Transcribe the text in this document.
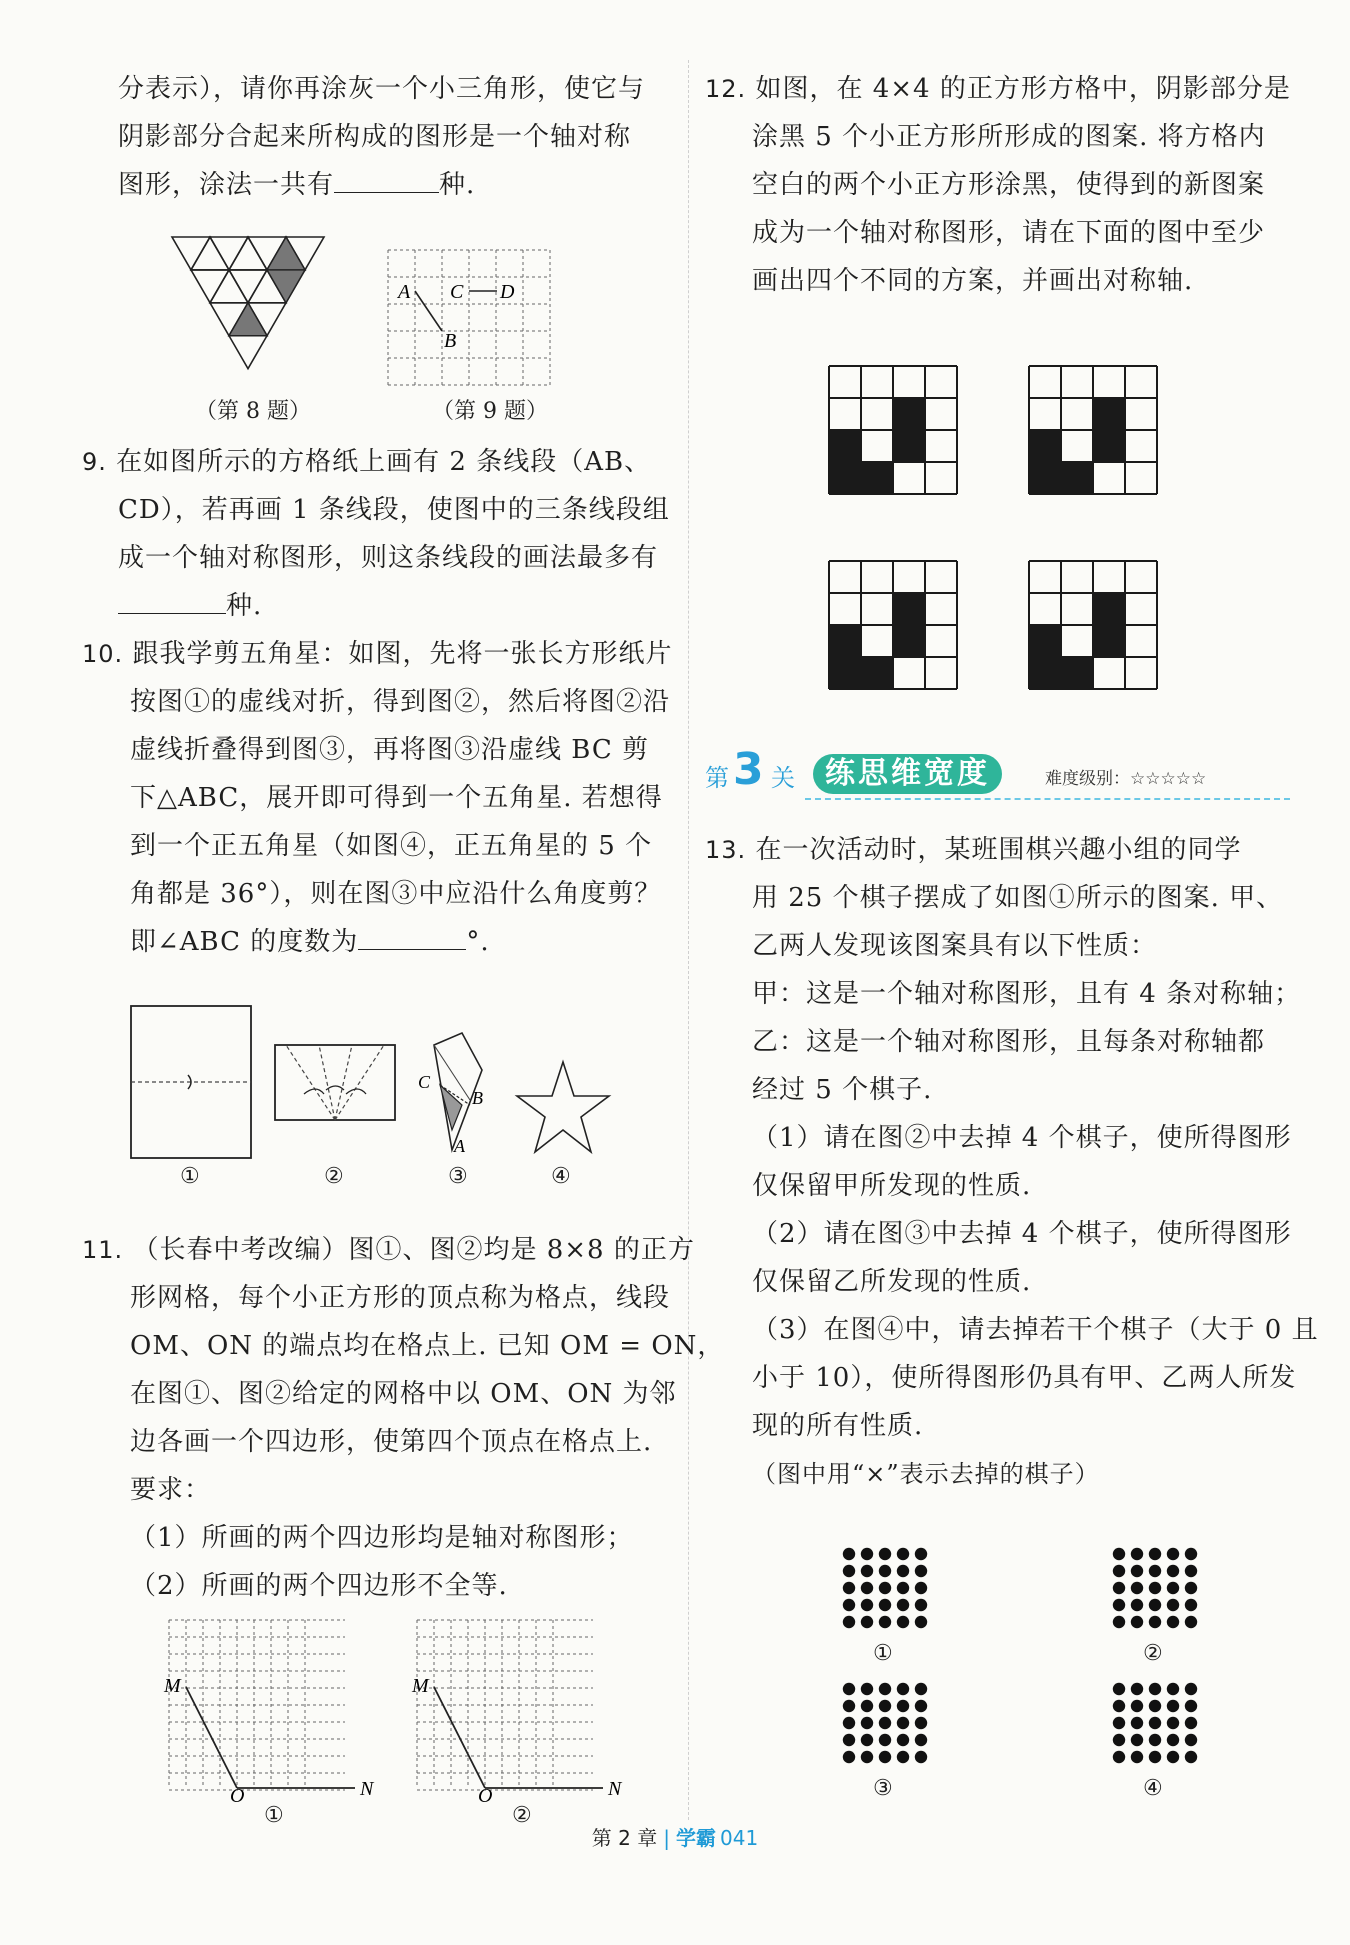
分表示），请你再涂灰一个小三角形，使它与
阴影部分合起来所构成的图形是一个轴对称
图形，涂法一共有	种.
（第 8 题）
A C D
B
（第 9 题）
9. 在如图所示的方格纸上画有 2 条线段（AB、
CD），若再画 1 条线段，使图中的三条线段组
成一个轴对称图形，则这条线段的画法最多有
种.
10. 跟我学剪五角星：如图，先将一张长方形纸片
按图①的虚线对折，得到图②，然后将图②沿
虚线折叠得到图③，再将图③沿虚线 BC 剪
下△ABC，展开即可得到一个五角星. 若想得
到一个正五角星（如图④，正五角星的 5 个
角都是 36°），则在图③中应沿什么角度剪？
即∠ABC 的度数为	°.
C
B
A
①	②	③	④
11. （长春中考改编）图①、图②均是 8×8 的正方
形网格，每个小正方形的顶点称为格点，线段
OM、ON 的端点均在格点上. 已知 OM = ON，
在图①、图②给定的网格中以 OM、ON 为邻
边各画一个四边形，使第四个顶点在格点上.
要求：
（1）所画的两个四边形均是轴对称图形；
（2）所画的两个四边形不全等.
M
O	N
M
O	N
①	②
12. 如图，在 4×4 的正方形方格中，阴影部分是
涂黑 5 个小正方形所形成的图案. 将方格内
空白的两个小正方形涂黑，使得到的新图案
成为一个轴对称图形，请在下面的图中至少
画出四个不同的方案，并画出对称轴.
第 3 关	练思维宽度	难度级别：☆☆☆☆☆
13. 在一次活动时，某班围棋兴趣小组的同学
用 25 个棋子摆成了如图①所示的图案. 甲、
乙两人发现该图案具有以下性质：
甲：这是一个轴对称图形，且有 4 条对称轴；
乙：这是一个轴对称图形，且每条对称轴都
经过 5 个棋子.
（1）请在图②中去掉 4 个棋子，使所得图形
仅保留甲所发现的性质.
（2）请在图③中去掉 4 个棋子，使所得图形
仅保留乙所发现的性质.
（3）在图④中，请去掉若干个棋子（大于 0 且
小于 10），使所得图形仍具有甲、乙两人所发
现的所有性质.
（图中用“×”表示去掉的棋子）
①	②
③	④
第 2 章 | 学霸 041
